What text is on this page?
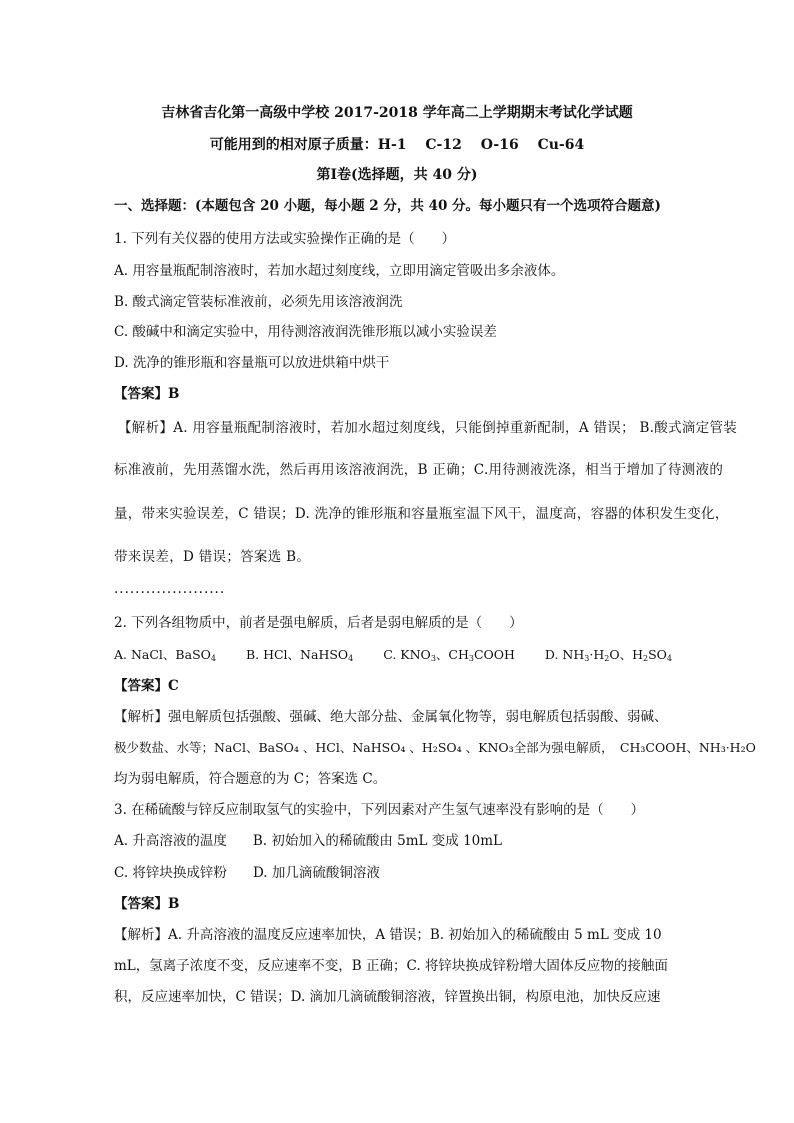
吉林省吉化第一高级中学校 2017-2018 学年高二上学期期末考试化学试题
可能用到的相对原子质量：H-1　 C-12　 O-16　 Cu-64
第Ⅰ卷(选择题，共 40 分)
一、选择题：(本题包含 20 小题，每小题 2 分，共 40 分。每小题只有一个选项符合题意)
1. 下列有关仪器的使用方法或实验操作正确的是（　　）
A. 用容量瓶配制溶液时，若加水超过刻度线，立即用滴定管吸出多余液体。
B. 酸式滴定管装标准液前，必须先用该溶液润洗
C. 酸碱中和滴定实验中，用待测溶液润洗锥形瓶以减小实验误差
D. 洗净的锥形瓶和容量瓶可以放进烘箱中烘干
【答案】B
【解析】A. 用容量瓶配制溶液时，若加水超过刻度线，只能倒掉重新配制，A 错误； B.酸式滴定管装
标准液前，先用蒸馏水洗，然后再用该溶液润洗，B 正确；C.用待测液洗涤，相当于增加了待测液的
量，带来实验误差，C 错误；D. 洗净的锥形瓶和容量瓶室温下风干，温度高，容器的体积发生变化，
带来误差，D 错误；答案选 B。
.....................
2. 下列各组物质中，前者是强电解质，后者是弱电解质的是（　　）
A. NaCl、BaSO$_4$ B. HCl、NaHSO$_4$ C. $KNO_3$、$CH_3COOH$ D. $NH_3\cdot H_2O$、$H_2SO_4$
【答案】C
【解析】强电解质包括强酸、强碱、绝大部分盐、金属氧化物等，弱电解质包括弱酸、弱碱、
极少数盐、水等；NaCl、BaSO₄ 、HCl、NaHSO₄ 、H₂SO₄ 、KNO₃全部为强电解质，　CH₃COOH、NH₃·H₂O
均为弱电解质，符合题意的为 C；答案选 C。
3. 在稀硫酸与锌反应制取氢气的实验中，下列因素对产生氢气速率没有影响的是（　　）
A. 升高溶液的温度 B. 初始加入的稀硫酸由 5mL 变成 10mL
C. 将锌块换成锌粉 D. 加几滴硫酸铜溶液
【答案】B
【解析】A. 升高溶液的温度反应速率加快，A 错误；B. 初始加入的稀硫酸由 5 mL 变成 10
mL，氢离子浓度不变，反应速率不变，B 正确；C. 将锌块换成锌粉增大固体反应物的接触面
积，反应速率加快，C 错误；D. 滴加几滴硫酸铜溶液，锌置换出铜，构原电池，加快反应速
